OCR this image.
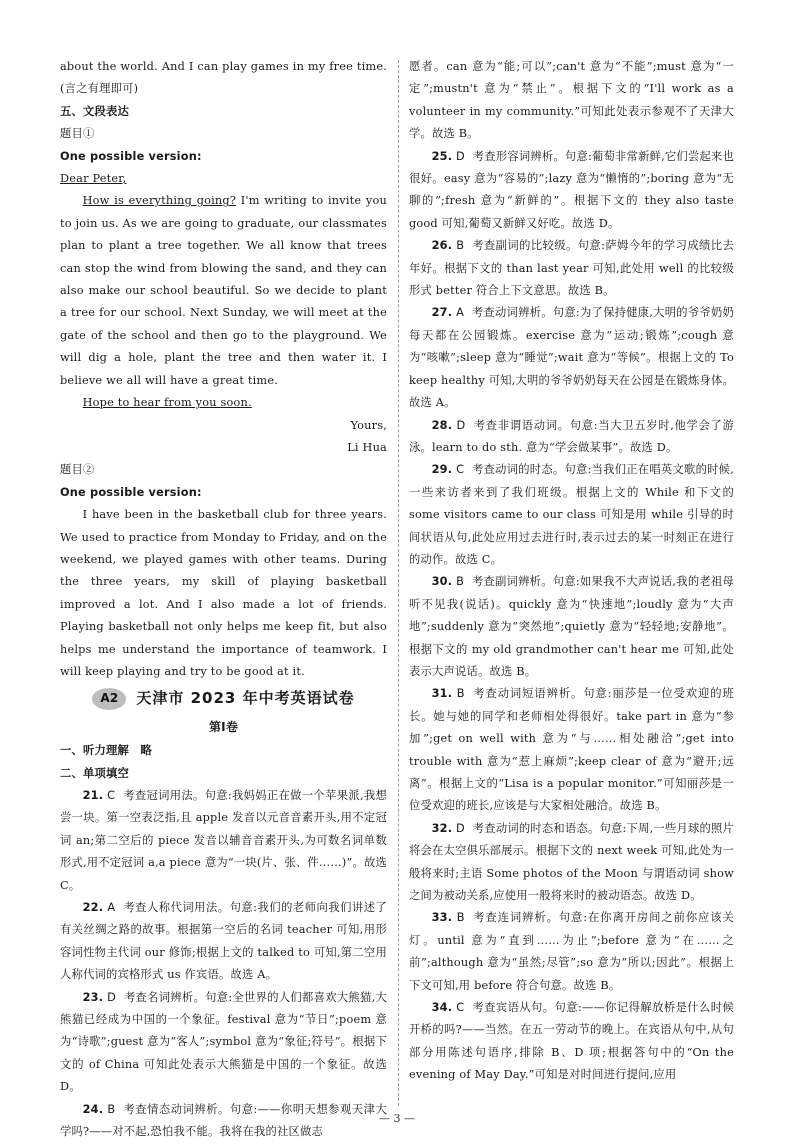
about the world. And I can play games in my free time. (言之有理即可)

五、文段表达

题目①

One possible version:

Dear Peter,

How is everything going? I'm writing to invite you to join us. As we are going to graduate, our classmates plan to plant a tree together. We all know that trees can stop the wind from blowing the sand, and they can also make our school beautiful. So we decide to plant a tree for our school. Next Sunday, we will meet at the gate of the school and then go to the playground. We will dig a hole, plant the tree and then water it. I believe we all will have a great time.

Hope to hear from you soon.

Yours,

Li Hua

题目②

One possible version:

I have been in the basketball club for three years. We used to practice from Monday to Friday, and on the weekend, we played games with other teams. During the three years, my skill of playing basketball improved a lot. And I also made a lot of friends. Playing basketball not only helps me keep fit, but also helps me understand the importance of teamwork. I will keep playing and try to be good at it.

A2	天津市 2023 年中考英语试卷

第Ⅰ卷

一、听力理解　略

二、单项填空

21. C 考查冠词用法。句意:我妈妈正在做一个苹果派,我想尝一块。第一空表泛指,且 apple 发音以元音音素开头,用不定冠词 an;第二空后的 piece 发音以辅音音素开头,为可数名词单数形式,用不定冠词 a,a piece 意为“一块(片、张、件……)”。故选 C。

22. A 考查人称代词用法。句意:我们的老师向我们讲述了有关丝绸之路的故事。根据第一空后的名词 teacher 可知,用形容词性物主代词 our 修饰;根据上文的 talked to 可知,第二空用人称代词的宾格形式 us 作宾语。故选 A。

23. D 考查名词辨析。句意:全世界的人们都喜欢大熊猫,大熊猫已经成为中国的一个象征。festival 意为“节日”;poem 意为“诗歌”;guest 意为“客人”;symbol 意为“象征;符号”。根据下文的 of China 可知此处表示大熊猫是中国的一个象征。故选 D。

24. B 考查情态动词辨析。句意:——你明天想参观天津大学吗?——对不起,恐怕我不能。我将在我的社区做志

愿者。can 意为“能;可以”;can't 意为“不能”;must 意为“一定”;mustn't 意为“禁止”。根据下文的“I'll work as a volunteer in my community.”可知此处表示参观不了天津大学。故选 B。

25. D 考查形容词辨析。句意:葡萄非常新鲜,它们尝起来也很好。easy 意为“容易的”;lazy 意为“懒惰的”;boring 意为“无聊的”;fresh 意为“新鲜的”。根据下文的 they also taste good 可知,葡萄又新鲜又好吃。故选 D。

26. B 考查副词的比较级。句意:萨姆今年的学习成绩比去年好。根据下文的 than last year 可知,此处用 well 的比较级形式 better 符合上下文意思。故选 B。

27. A 考查动词辨析。句意:为了保持健康,大明的爷爷奶奶每天都在公园锻炼。exercise 意为“运动;锻炼”;cough 意为“咳嗽”;sleep 意为“睡觉”;wait 意为“等候”。根据上文的 To keep healthy 可知,大明的爷爷奶奶每天在公园是在锻炼身体。故选 A。

28. D 考查非谓语动词。句意:当大卫五岁时,他学会了游泳。learn to do sth. 意为“学会做某事”。故选 D。

29. C 考查动词的时态。句意:当我们正在唱英文歌的时候,一些来访者来到了我们班级。根据上文的 While 和下文的 some visitors came to our class 可知是用 while 引导的时间状语从句,此处应用过去进行时,表示过去的某一时刻正在进行的动作。故选 C。

30. B 考查副词辨析。句意:如果我不大声说话,我的老祖母听不见我(说话)。quickly 意为“快速地”;loudly 意为“大声地”;suddenly 意为“突然地”;quietly 意为“轻轻地;安静地”。根据下文的 my old grandmother can't hear me 可知,此处表示大声说话。故选 B。

31. B 考查动词短语辨析。句意:丽莎是一位受欢迎的班长。她与她的同学和老师相处得很好。take part in 意为“参加”;get on well with 意为“与……相处融洽”;get into trouble with 意为“惹上麻烦”;keep clear of 意为“避开;远离”。根据上文的“Lisa is a popular monitor.”可知丽莎是一位受欢迎的班长,应该是与大家相处融洽。故选 B。

32. D 考查动词的时态和语态。句意:下周,一些月球的照片将会在太空俱乐部展示。根据下文的 next week 可知,此处为一般将来时;主语 Some photos of the Moon 与谓语动词 show 之间为被动关系,应使用一般将来时的被动语态。故选 D。

33. B 考查连词辨析。句意:在你离开房间之前你应该关灯。until 意为“直到……为止”;before 意为“在……之前”;although 意为“虽然;尽管”;so 意为“所以;因此”。根据上下文可知,用 before 符合句意。故选 B。

34. C 考查宾语从句。句意:——你记得解放桥是什么时候开桥的吗?——当然。在五一劳动节的晚上。在宾语从句中,从句部分用陈述句语序,排除 B、D 项;根据答句中的“On the evening of May Day.”可知是对时间进行提问,应用

— 3 —
